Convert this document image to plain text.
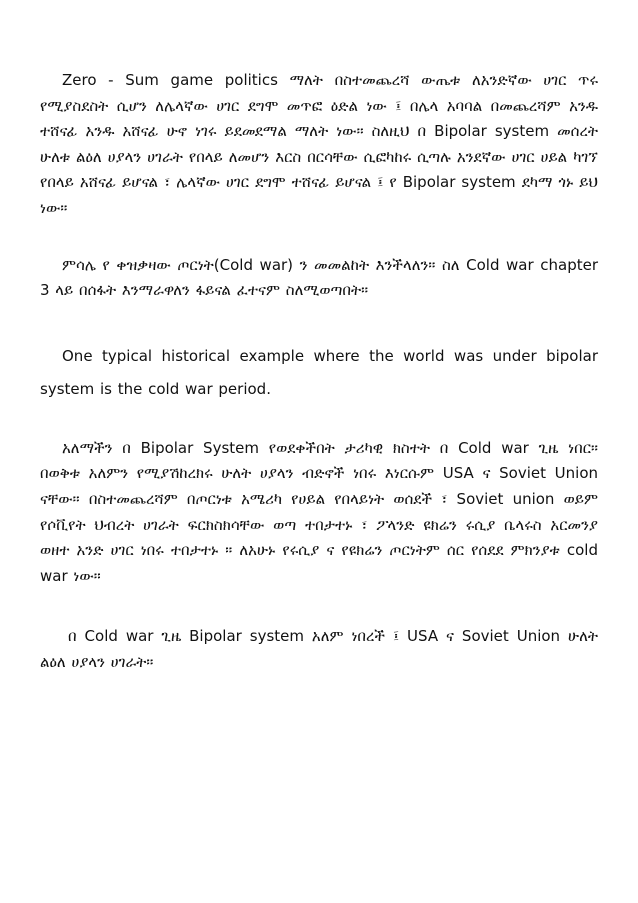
Zero - Sum game politics ማለት በስተመጨረሻ ውጤቱ ለአንድኛው ሀገር ጥሩ የሚያስደስት ሲሆን ለሌላኛው ሀገር ደግሞ መጥፎ ዕድል ነው ፤ በሌላ አባባል በመጨረሻም አንዱ ተሸናፊ አንዱ አሸናፊ ሁኖ ነገሩ ይደመደማል ማለት ነው። ስለዚህ በ Bipolar system መሰረት ሁለቱ ልዕለ ሀያላን ሀገራት የበላይ ለመሆን እርስ በርሳቸው ሲፎካከሩ ሲጣሉ አንደኛው ሀገር ሀይል ካገኘ የበላይ አሸናፊ ይሆናል ፣ ሌላኛው ሀገር ደግሞ ተሸናፊ ይሆናል ፤ የ Bipolar system ደካማ ጎኑ ይህ ነው።

ምሳሌ የ ቀዝቃዛው ጦርነት(Cold war) ን መመልከት እንችላለን። ስለ Cold war chapter 3 ላይ በሰፋት እንማራዋለን ፋይናል ፈተናም ስለሚወጣበት።

One typical historical example where the world was under bipolar system is the cold war period.

አለማችን በ Bipolar System የወደቀችበት ታሪካዊ ክስተት በ Cold war ጊዜ ነበር። በወቅቱ አለምን የሚያሽከረክሩ ሁለት ሀያላን ብድኖች ነበሩ እነርሱም USA ና Soviet Union ናቸው። በስተመጨረሻም በጦርነቱ አሜሪካ የሀይል የበላይነት ወሰደች ፣ Soviet union ወይም የሶቪየት ህብረት ሀገራት ፍርክስክሳቸው ወጣ ተበታተኑ ፣ ፖላንድ ዩክሬን ሩሲያ ቤላሩስ አርመንያ ወዘተ አንድ ሀገር ነበሩ ተበታተኑ ። ለአሁኑ የሩሲያ ና የዩክሬን ጦርነትም ሰር የሰደደ ምክንያቱ cold war ነው።

በ Cold war ጊዜ Bipolar system አለም ነበረች ፤ USA ና Soviet Union ሁለት ልዕለ ሀያላን ሀገራት።
